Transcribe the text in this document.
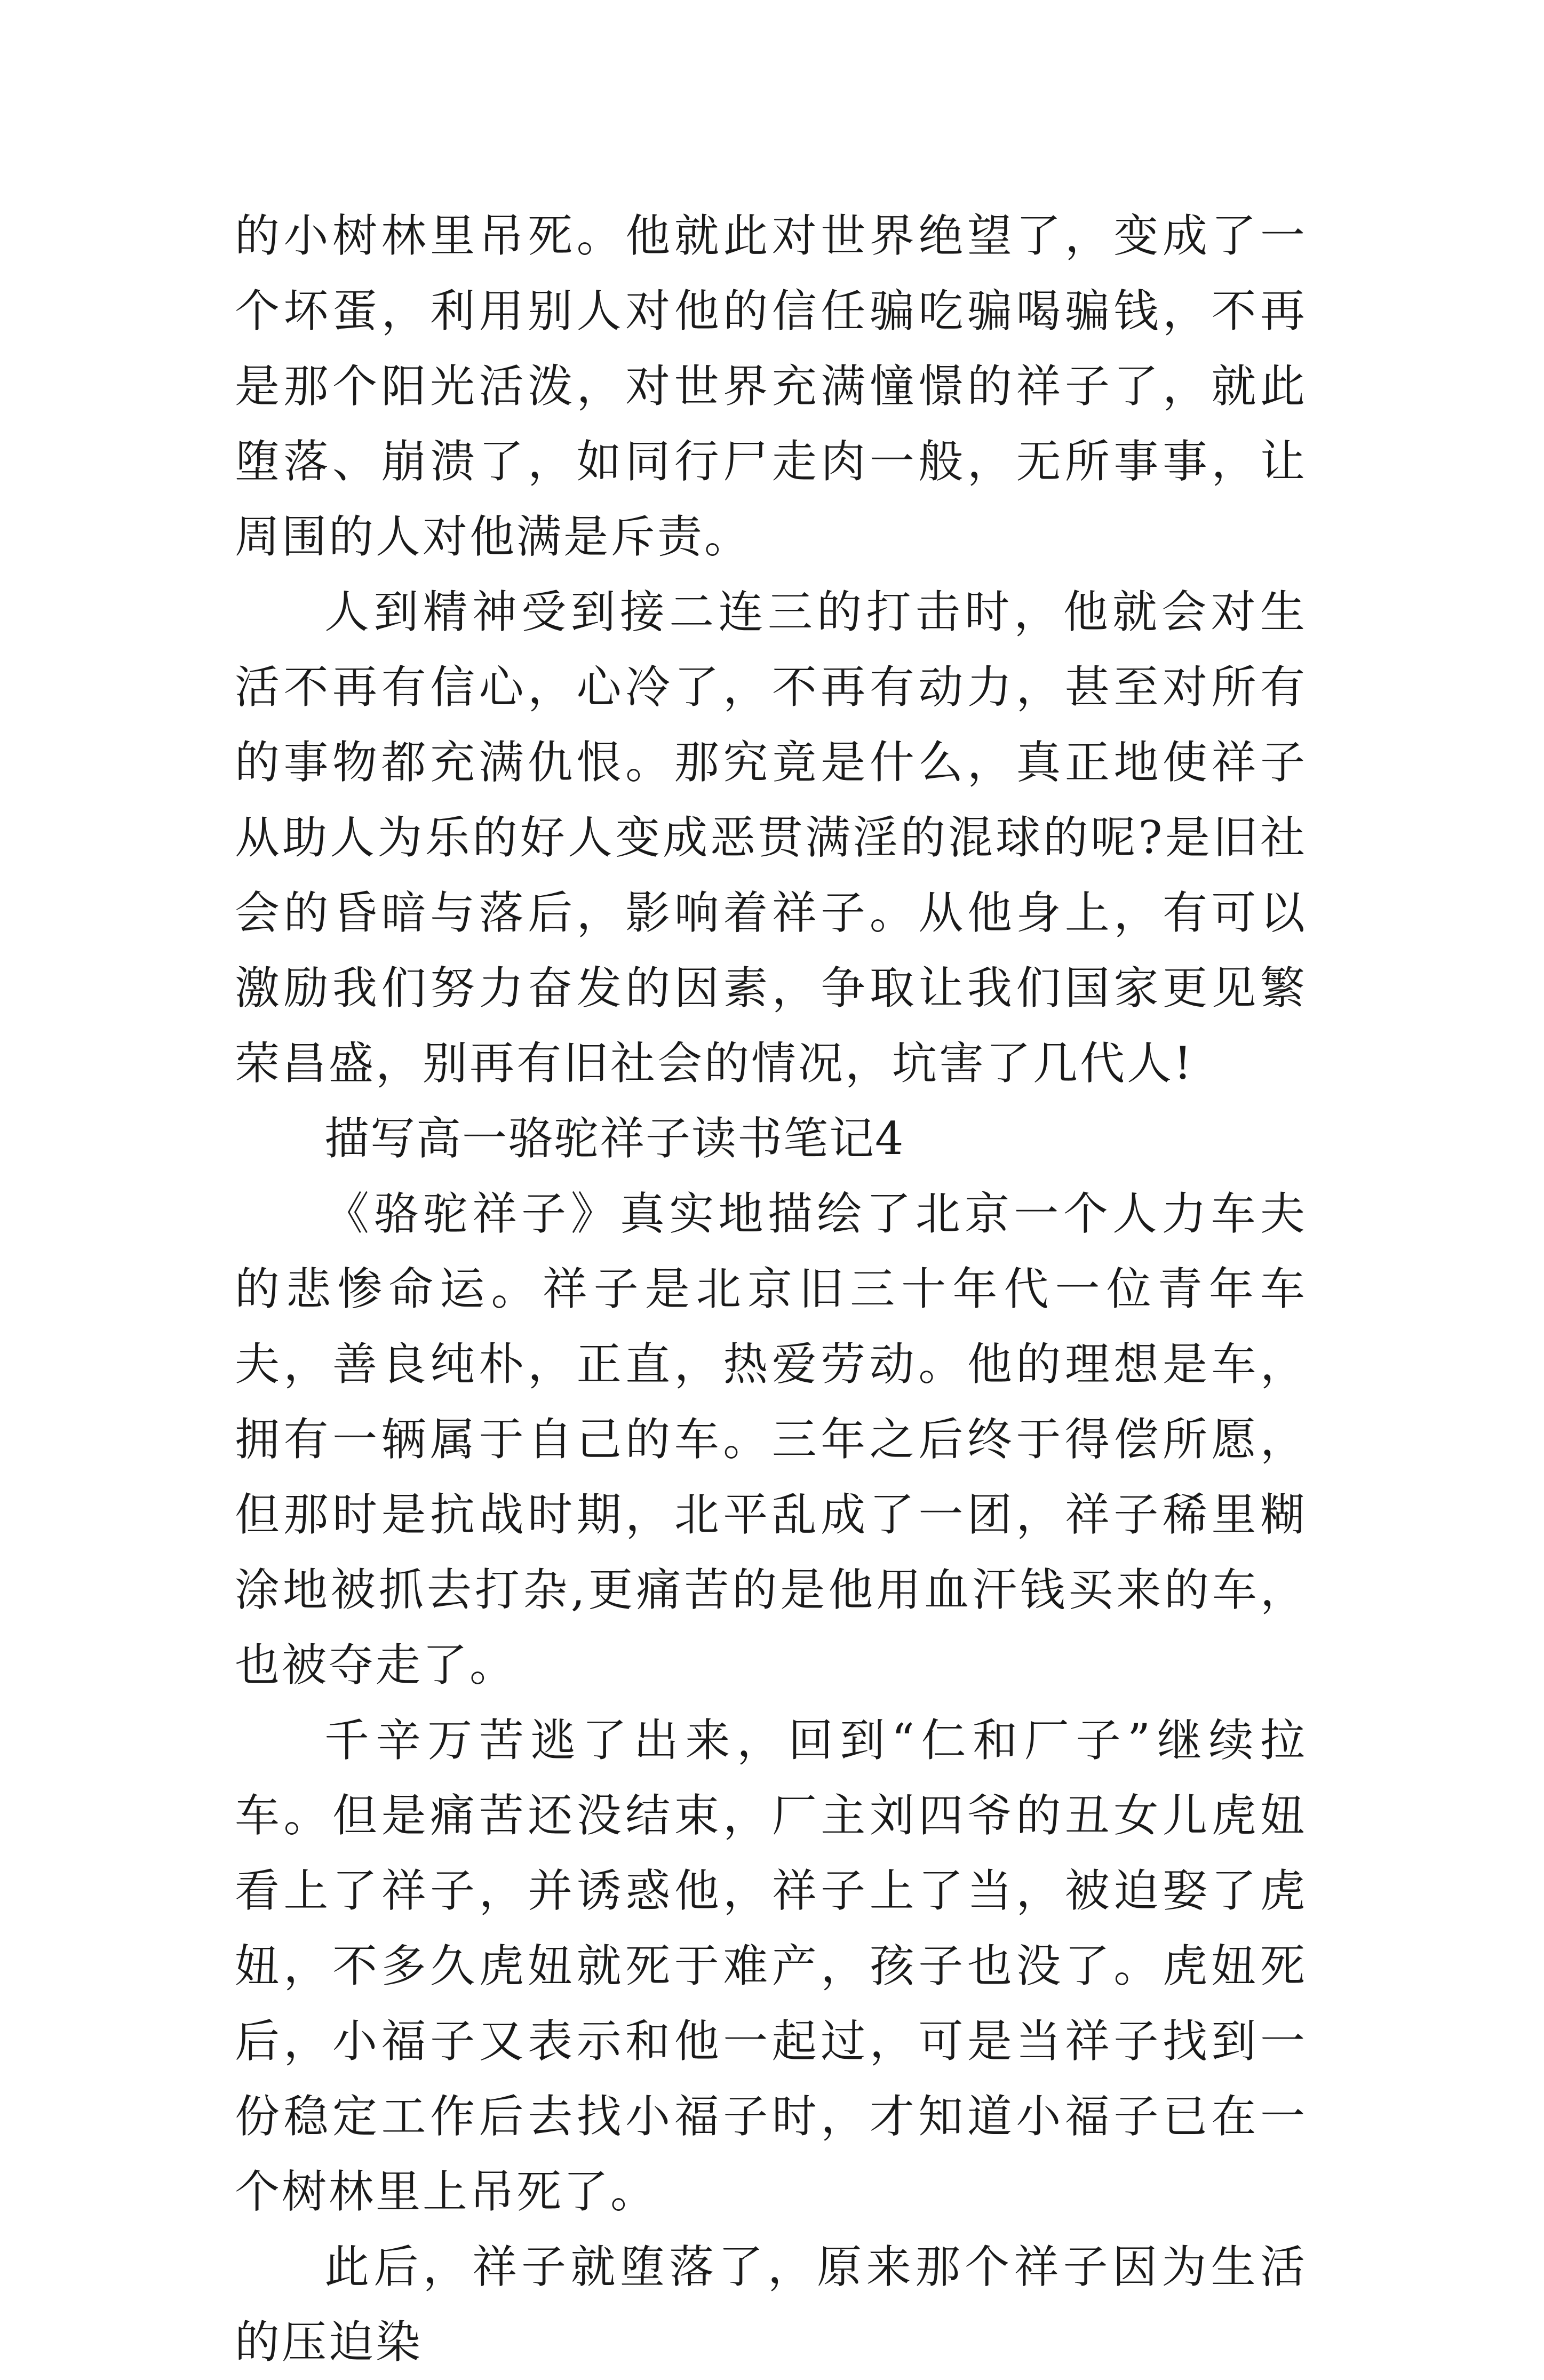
的小树林里吊死。他就此对世界绝望了，变成了一个坏蛋，利用别人对他的信任骗吃骗喝骗钱，不再是那个阳光活泼，对世界充满憧憬的祥子了，就此堕落、崩溃了，如同行尸走肉一般，无所事事，让周围的人对他满是斥责。

人到精神受到接二连三的打击时，他就会对生活不再有信心，心冷了，不再有动力，甚至对所有的事物都充满仇恨。那究竟是什么，真正地使祥子从助人为乐的好人变成恶贯满淫的混球的呢?是旧社会的昏暗与落后，影响着祥子。从他身上，有可以激励我们努力奋发的因素，争取让我们国家更见繁荣昌盛，别再有旧社会的情况，坑害了几代人!

描写高一骆驼祥子读书笔记4

《骆驼祥子》真实地描绘了北京一个人力车夫的悲惨命运。祥子是北京旧三十年代一位青年车夫，善良纯朴，正直，热爱劳动。他的理想是车，拥有一辆属于自己的车。三年之后终于得偿所愿，但那时是抗战时期，北平乱成了一团，祥子稀里糊涂地被抓去打杂,更痛苦的是他用血汗钱买来的车，也被夺走了。

千辛万苦逃了出来，回到“仁和厂子”继续拉车。但是痛苦还没结束，厂主刘四爷的丑女儿虎妞看上了祥子，并诱惑他，祥子上了当，被迫娶了虎妞，不多久虎妞就死于难产，孩子也没了。虎妞死后，小福子又表示和他一起过，可是当祥子找到一份稳定工作后去找小福子时，才知道小福子已在一个树林里上吊死了。

此后，祥子就堕落了，原来那个祥子因为生活的压迫染
